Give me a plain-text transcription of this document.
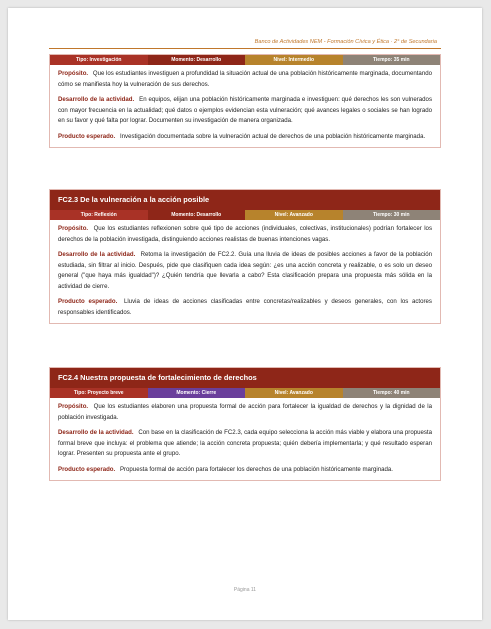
Banco de Actividades NEM - Formación Cívica y Ética · 2° de Secundaria
Tipo: Investigación	Momento: Desarrollo	Nivel: Intermedio	Tiempo: 35 min

Propósito. Que los estudiantes investiguen a profundidad la situación actual de una población históricamente marginada, documentando cómo se manifiesta hoy la vulneración de sus derechos.

Desarrollo de la actividad. En equipos, elijan una población históricamente marginada e investiguen: qué derechos les son vulnerados con mayor frecuencia en la actualidad; qué datos o ejemplos evidencian esta vulneración; qué avances legales o sociales se han logrado en su favor y qué falta por lograr. Documenten su investigación de manera organizada.

Producto esperado. Investigación documentada sobre la vulneración actual de derechos de una población históricamente marginada.

FC2.3 De la vulneración a la acción posible
Tipo: Reflexión	Momento: Desarrollo	Nivel: Avanzado	Tiempo: 30 min

Propósito. Que los estudiantes reflexionen sobre qué tipo de acciones (individuales, colectivas, institucionales) podrían fortalecer los derechos de la población investigada, distinguiendo acciones realistas de buenas intenciones vagas.

Desarrollo de la actividad. Retoma la investigación de FC2.2. Guía una lluvia de ideas de posibles acciones a favor de la población estudiada, sin filtrar al inicio. Después, pide que clasifiquen cada idea según: ¿es una acción concreta y realizable, o es solo un deseo general ("que haya más igualdad")? ¿Quién tendría que llevarla a cabo? Esta clasificación prepara una propuesta más sólida en la actividad de cierre.

Producto esperado. Lluvia de ideas de acciones clasificadas entre concretas/realizables y deseos generales, con los actores responsables identificados.

FC2.4 Nuestra propuesta de fortalecimiento de derechos
Tipo: Proyecto breve	Momento: Cierre	Nivel: Avanzado	Tiempo: 40 min

Propósito. Que los estudiantes elaboren una propuesta formal de acción para fortalecer la igualdad de derechos y la dignidad de la población investigada.

Desarrollo de la actividad. Con base en la clasificación de FC2.3, cada equipo selecciona la acción más viable y elabora una propuesta formal breve que incluya: el problema que atiende; la acción concreta propuesta; quién debería implementarla; y qué resultado esperan lograr. Presenten su propuesta ante el grupo.

Producto esperado. Propuesta formal de acción para fortalecer los derechos de una población históricamente marginada.

Página 11
